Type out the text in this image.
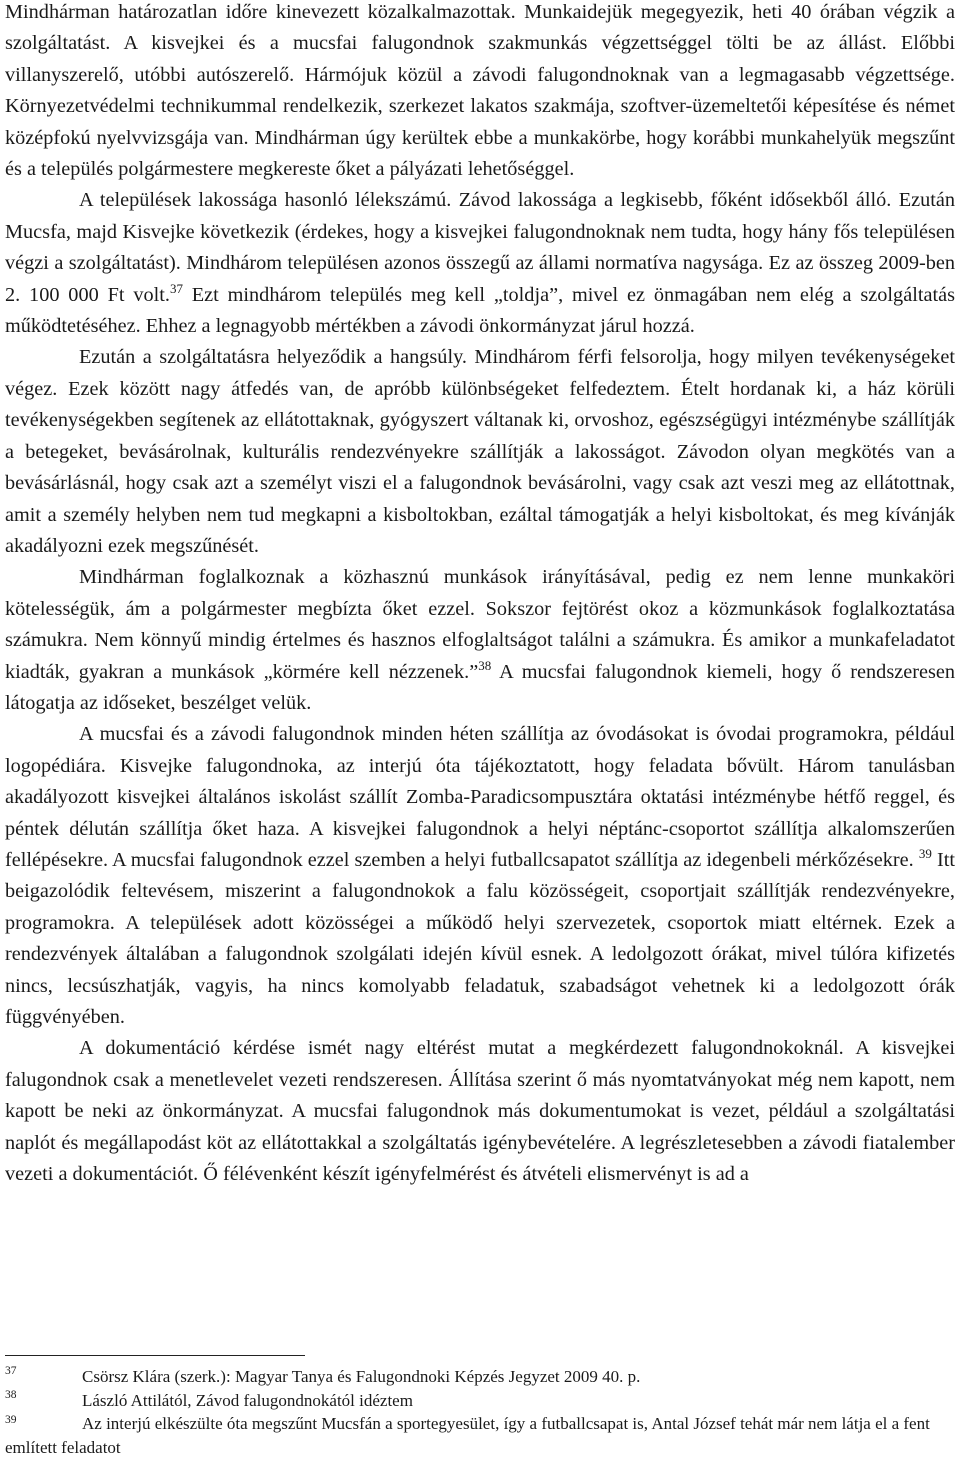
Mindhárman határozatlan időre kinevezett közalkalmazottak. Munkaidejük megegyezik, heti 40 órában végzik a szolgáltatást. A kisvejkei és a mucsfai falugondnok szakmunkás végzettséggel tölti be az állást. Előbbi villanyszerelő, utóbbi autószerelő. Hármójuk közül a závodi falugondnoknak van a legmagasabb végzettsége. Környezetvédelmi technikummal rendelkezik, szerkezet lakatos szakmája, szoftver-üzemeltetői képesítése és német középfokú nyelvvizsgája van. Mindhárman úgy kerültek ebbe a munkakörbe, hogy korábbi munkahelyük megszűnt és a település polgármestere megkereste őket a pályázati lehetőséggel.

A települések lakossága hasonló lélekszámú. Závod lakossága a legkisebb, főként idősekből álló. Ezután Mucsfa, majd Kisvejke következik (érdekes, hogy a kisvejkei falugondnoknak nem tudta, hogy hány fős településen végzi a szolgáltatást). Mindhárom településen azonos összegű az állami normatíva nagysága. Ez az összeg 2009-ben 2. 100 000 Ft volt.$^{37}$ Ezt mindhárom település meg kell „toldja”, mivel ez önmagában nem elég a szolgáltatás működtetéséhez. Ehhez a legnagyobb mértékben a závodi önkormányzat járul hozzá.

Ezután a szolgáltatásra helyeződik a hangsúly. Mindhárom férfi felsorolja, hogy milyen tevékenységeket végez. Ezek között nagy átfedés van, de apróbb különbségeket felfedeztem. Ételt hordanak ki, a ház körüli tevékenységekben segítenek az ellátottaknak, gyógyszert váltanak ki, orvoshoz, egészségügyi intézménybe szállítják a betegeket, bevásárolnak, kulturális rendezvényekre szállítják a lakosságot. Závodon olyan megkötés van a bevásárlásnál, hogy csak azt a személyt viszi el a falugondnok bevásárolni, vagy csak azt veszi meg az ellátottnak, amit a személy helyben nem tud megkapni a kisboltokban, ezáltal támogatják a helyi kisboltokat, és meg kívánják akadályozni ezek megszűnését.

Mindhárman foglalkoznak a közhasznú munkások irányításával, pedig ez nem lenne munkaköri kötelességük, ám a polgármester megbízta őket ezzel. Sokszor fejtörést okoz a közmunkások foglalkoztatása számukra. Nem könnyű mindig értelmes és hasznos elfoglaltságot találni a számukra. És amikor a munkafeladatot kiadták, gyakran a munkások „körmére kell nézzenek.”$^{38}$ A mucsfai falugondnok kiemeli, hogy ő rendszeresen látogatja az időseket, beszélget velük.

A mucsfai és a závodi falugondnok minden héten szállítja az óvodásokat is óvodai programokra, például logopédiára. Kisvejke falugondnoka, az interjú óta tájékoztatott, hogy feladata bővült. Három tanulásban akadályozott kisvejkei általános iskolást szállít Zomba-Paradicsompusztára oktatási intézménybe hétfő reggel, és péntek délután szállítja őket haza. A kisvejkei falugondnok a helyi néptánc-csoportot szállítja alkalomszerűen fellépésekre. A mucsfai falugondnok ezzel szemben a helyi futballcsapatot szállítja az idegenbeli mérkőzésekre. $^{39}$ Itt beigazolódik feltevésem, miszerint a falugondnokok a falu közösségeit, csoportjait szállítják rendezvényekre, programokra. A települések adott közösségei a működő helyi szervezetek, csoportok miatt eltérnek. Ezek a rendezvények általában a falugondnok szolgálati idején kívül esnek. A ledolgozott órákat, mivel túlóra kifizetés nincs, lecsúszhatják, vagyis, ha nincs komolyabb feladatuk, szabadságot vehetnek ki a ledolgozott órák függvényében.

A dokumentáció kérdése ismét nagy eltérést mutat a megkérdezett falugondnokoknál. A kisvejkei falugondnok csak a menetlevelet vezeti rendszeresen. Állítása szerint ő más nyomtatványokat még nem kapott, nem kapott be neki az önkormányzat. A mucsfai falugondnok más dokumentumokat is vezet, például a szolgáltatási naplót és megállapodást köt az ellátottakkal a szolgáltatás igénybevételére. A legrészletesebben a závodi fiatalember vezeti a dokumentációt. Ő félévenként készít igényfelmérést és átvételi elismervényt is ad a

37	Csörsz Klára (szerk.): Magyar Tanya és Falugondnoki Képzés Jegyzet 2009 40. p.
38	László Attilától, Závod falugondnokától idéztem
39	Az interjú elkészülte óta megszűnt Mucsfán a sportegyesület, így a futballcsapat is, Antal József tehát már nem látja el a fent említett feladatot
